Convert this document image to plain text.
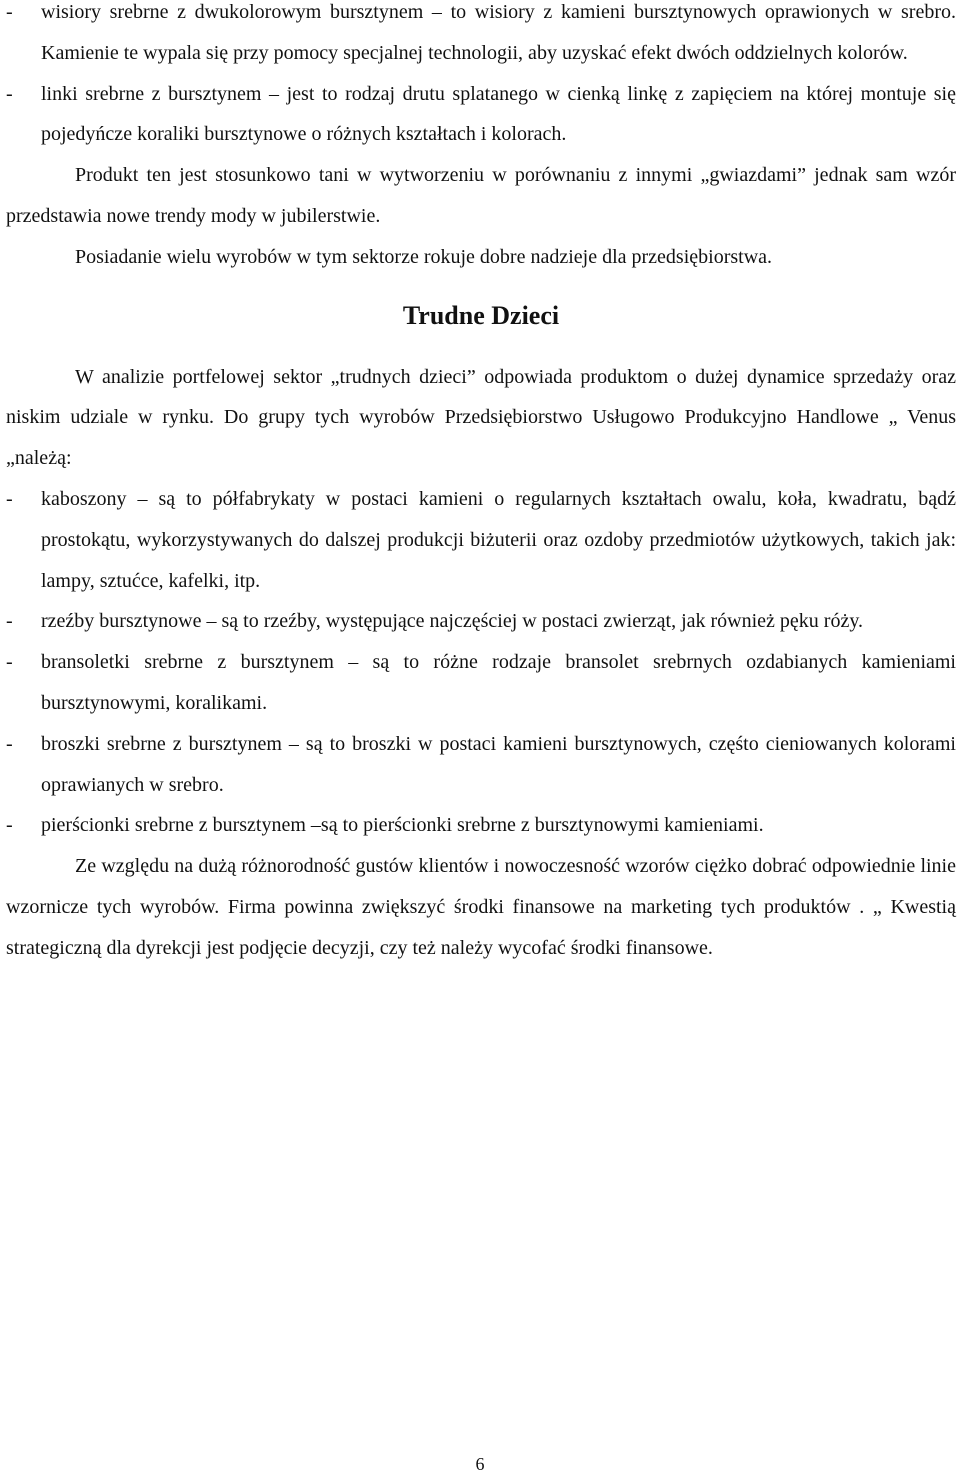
-	wisiory srebrne z dwukolorowym bursztynem – to wisiory z kamieni bursztynowych oprawionych w srebro. Kamienie te wypala się przy pomocy specjalnej technologii, aby uzyskać efekt dwóch oddzielnych kolorów.
-	linki srebrne z bursztynem – jest to rodzaj drutu splatanego w cienką linkę z zapięciem na której montuje się pojedyńcze koraliki bursztynowe o różnych kształtach i kolorach.

Produkt ten jest stosunkowo tani w wytworzeniu w porównaniu z innymi „gwiazdami” jednak sam wzór przedstawia nowe trendy mody w jubilerstwie.

Posiadanie wielu wyrobów w tym sektorze rokuje dobre nadzieje dla przedsiębiorstwa.

Trudne Dzieci

W analizie portfelowej sektor „trudnych dzieci” odpowiada produktom o dużej dynamice sprzedaży oraz niskim udziale w rynku. Do grupy tych wyrobów Przedsiębiorstwo Usługowo Produkcyjno Handlowe „ Venus „należą:

-	kaboszony – są to półfabrykaty w postaci kamieni o regularnych kształtach owalu, koła, kwadratu, bądź prostokątu, wykorzystywanych do dalszej produkcji biżuterii oraz ozdoby przedmiotów użytkowych, takich jak: lampy, sztućce, kafelki, itp.
-	rzeźby bursztynowe – są to rzeźby, występujące najczęściej w postaci zwierząt, jak również pęku róży.
-	bransoletki srebrne z bursztynem – są to różne rodzaje bransolet srebrnych ozdabianych kamieniami bursztynowymi, koralikami.
-	broszki srebrne z bursztynem – są to broszki w postaci kamieni bursztynowych, częśto cieniowanych kolorami oprawianych w srebro.
-	pierścionki srebrne z bursztynem –są to pierścionki srebrne z bursztynowymi kamieniami.

Ze względu na dużą różnorodność gustów klientów i nowoczesność wzorów ciężko dobrać odpowiednie linie wzornicze tych wyrobów. Firma powinna zwiększyć środki finansowe na marketing tych produktów . „ Kwestią strategiczną dla dyrekcji jest podjęcie decyzji, czy też należy wycofać środki finansowe.

6
